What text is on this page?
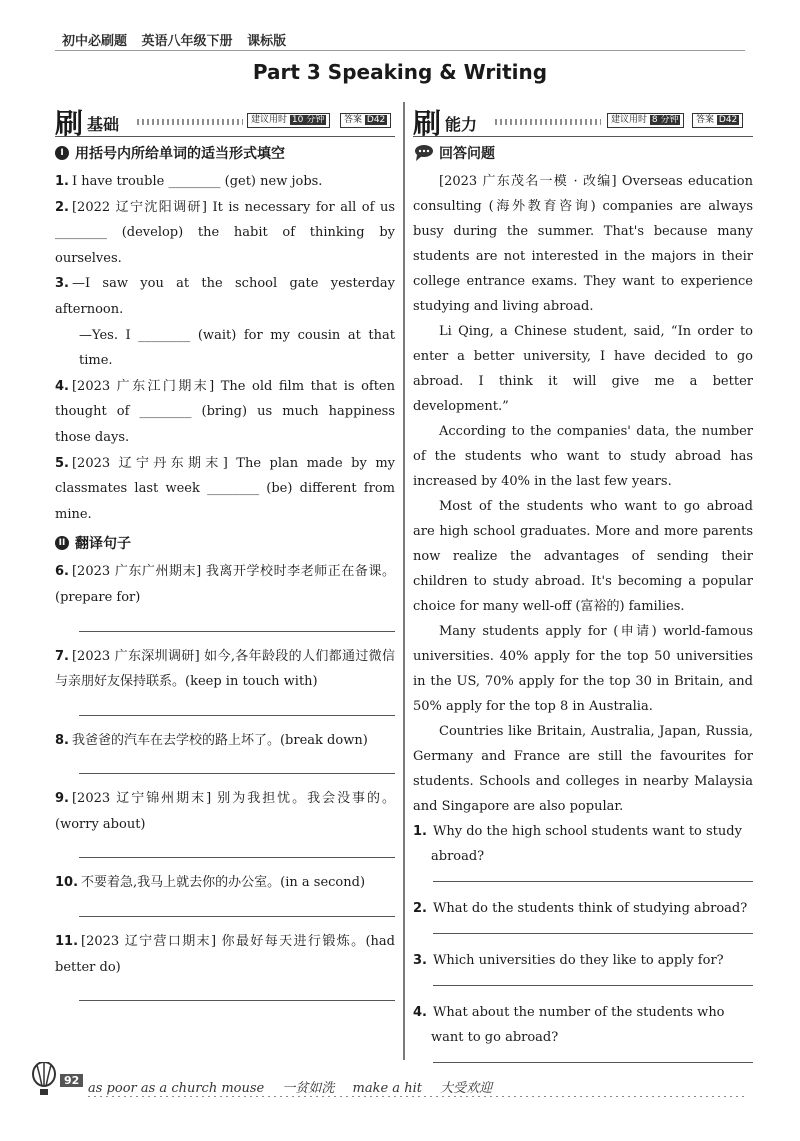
初中必刷题 英语八年级下册 课标版
Part 3 Speaking & Writing
刷 基础	建议用时 10 分钟	答案 D42
I 用括号内所给单词的适当形式填空
1. I have trouble ________ (get) new jobs.
2. [2022 辽宁沈阳调研] It is necessary for all of us ________ (develop) the habit of thinking by ourselves.
3. —I saw you at the school gate yesterday afternoon.
—Yes. I ________ (wait) for my cousin at that time.
4. [2023 广东江门期末] The old film that is often thought of ________ (bring) us much happiness those days.
5. [2023 辽宁丹东期末] The plan made by my classmates last week ________ (be) different from mine.
II 翻译句子
6. [2023 广东广州期末] 我离开学校时李老师正在备课。(prepare for)
7. [2023 广东深圳调研] 如今,各年龄段的人们都通过微信与亲朋好友保持联系。(keep in touch with)
8. 我爸爸的汽车在去学校的路上坏了。(break down)
9. [2023 辽宁锦州期末] 别为我担忧。我会没事的。(worry about)
10. 不要着急,我马上就去你的办公室。(in a second)
11. [2023 辽宁营口期末] 你最好每天进行锻炼。(had better do)
刷 能力	建议用时 8 分钟	答案 D42
回答问题

[2023 广东茂名一模 · 改编] Overseas education consulting (海外教育咨询) companies are always busy during the summer. That's because many students are not interested in the majors in their college entrance exams. They want to experience studying and living abroad.

Li Qing, a Chinese student, said, “In order to enter a better university, I have decided to go abroad. I think it will give me a better development.”

According to the companies' data, the number of the students who want to study abroad has increased by 40% in the last few years.

Most of the students who want to go abroad are high school graduates. More and more parents now realize the advantages of sending their children to study abroad. It's becoming a popular choice for many well-off (富裕的) families.

Many students apply for (申请) world-famous universities. 40% apply for the top 50 universities in the US, 70% apply for the top 30 in Britain, and 50% apply for the top 8 in Australia.

Countries like Britain, Australia, Japan, Russia, Germany and France are still the favourites for students. Schools and colleges in nearby Malaysia and Singapore are also popular.

1. Why do the high school students want to study abroad?
2. What do the students think of studying abroad?
3. Which universities do they like to apply for?
4. What about the number of the students who want to go abroad?
92
as poor as a church mouse 一贫如洗 make a hit 大受欢迎
